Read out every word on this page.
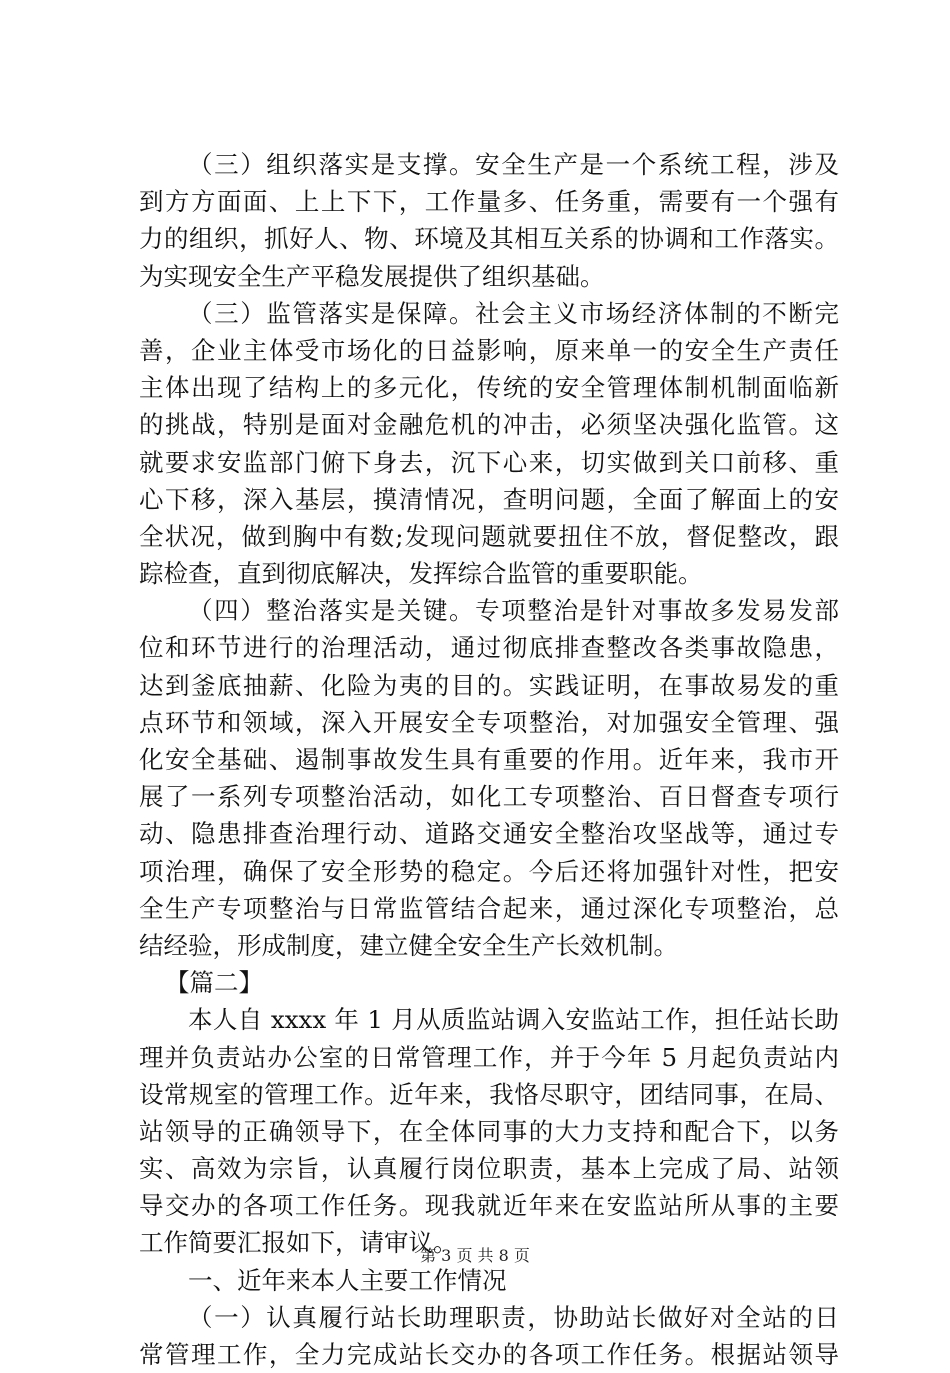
（三）组织落实是支撑。安全生产是一个系统工程，涉及
到方方面面、上上下下，工作量多、任务重，需要有一个强有
力的组织，抓好人、物、环境及其相互关系的协调和工作落实。
为实现安全生产平稳发展提供了组织基础。
（三）监管落实是保障。社会主义市场经济体制的不断完
善，企业主体受市场化的日益影响，原来单一的安全生产责任
主体出现了结构上的多元化，传统的安全管理体制机制面临新
的挑战，特别是面对金融危机的冲击，必须坚决强化监管。这
就要求安监部门俯下身去，沉下心来，切实做到关口前移、重
心下移，深入基层，摸清情况，查明问题，全面了解面上的安
全状况，做到胸中有数;发现问题就要扭住不放，督促整改，跟
踪检查，直到彻底解决，发挥综合监管的重要职能。
（四）整治落实是关键。专项整治是针对事故多发易发部
位和环节进行的治理活动，通过彻底排查整改各类事故隐患，
达到釜底抽薪、化险为夷的目的。实践证明，在事故易发的重
点环节和领域，深入开展安全专项整治，对加强安全管理、强
化安全基础、遏制事故发生具有重要的作用。近年来，我市开
展了一系列专项整治活动，如化工专项整治、百日督查专项行
动、隐患排查治理行动、道路交通安全整治攻坚战等，通过专
项治理，确保了安全形势的稳定。今后还将加强针对性，把安
全生产专项整治与日常监管结合起来，通过深化专项整治，总
结经验，形成制度，建立健全安全生产长效机制。
【篇二】
本人自 xxxx 年 1 月从质监站调入安监站工作，担任站长助
理并负责站办公室的日常管理工作，并于今年 5 月起负责站内
设常规室的管理工作。近年来，我恪尽职守，团结同事，在局、
站领导的正确领导下，在全体同事的大力支持和配合下，以务
实、高效为宗旨，认真履行岗位职责，基本上完成了局、站领
导交办的各项工作任务。现我就近年来在安监站所从事的主要
工作简要汇报如下，请审议。
一、近年来本人主要工作情况
（一）认真履行站长助理职责，协助站长做好对全站的日
常管理工作，全力完成站长交办的各项工作任务。根据站领导
第 3 页 共 8 页
